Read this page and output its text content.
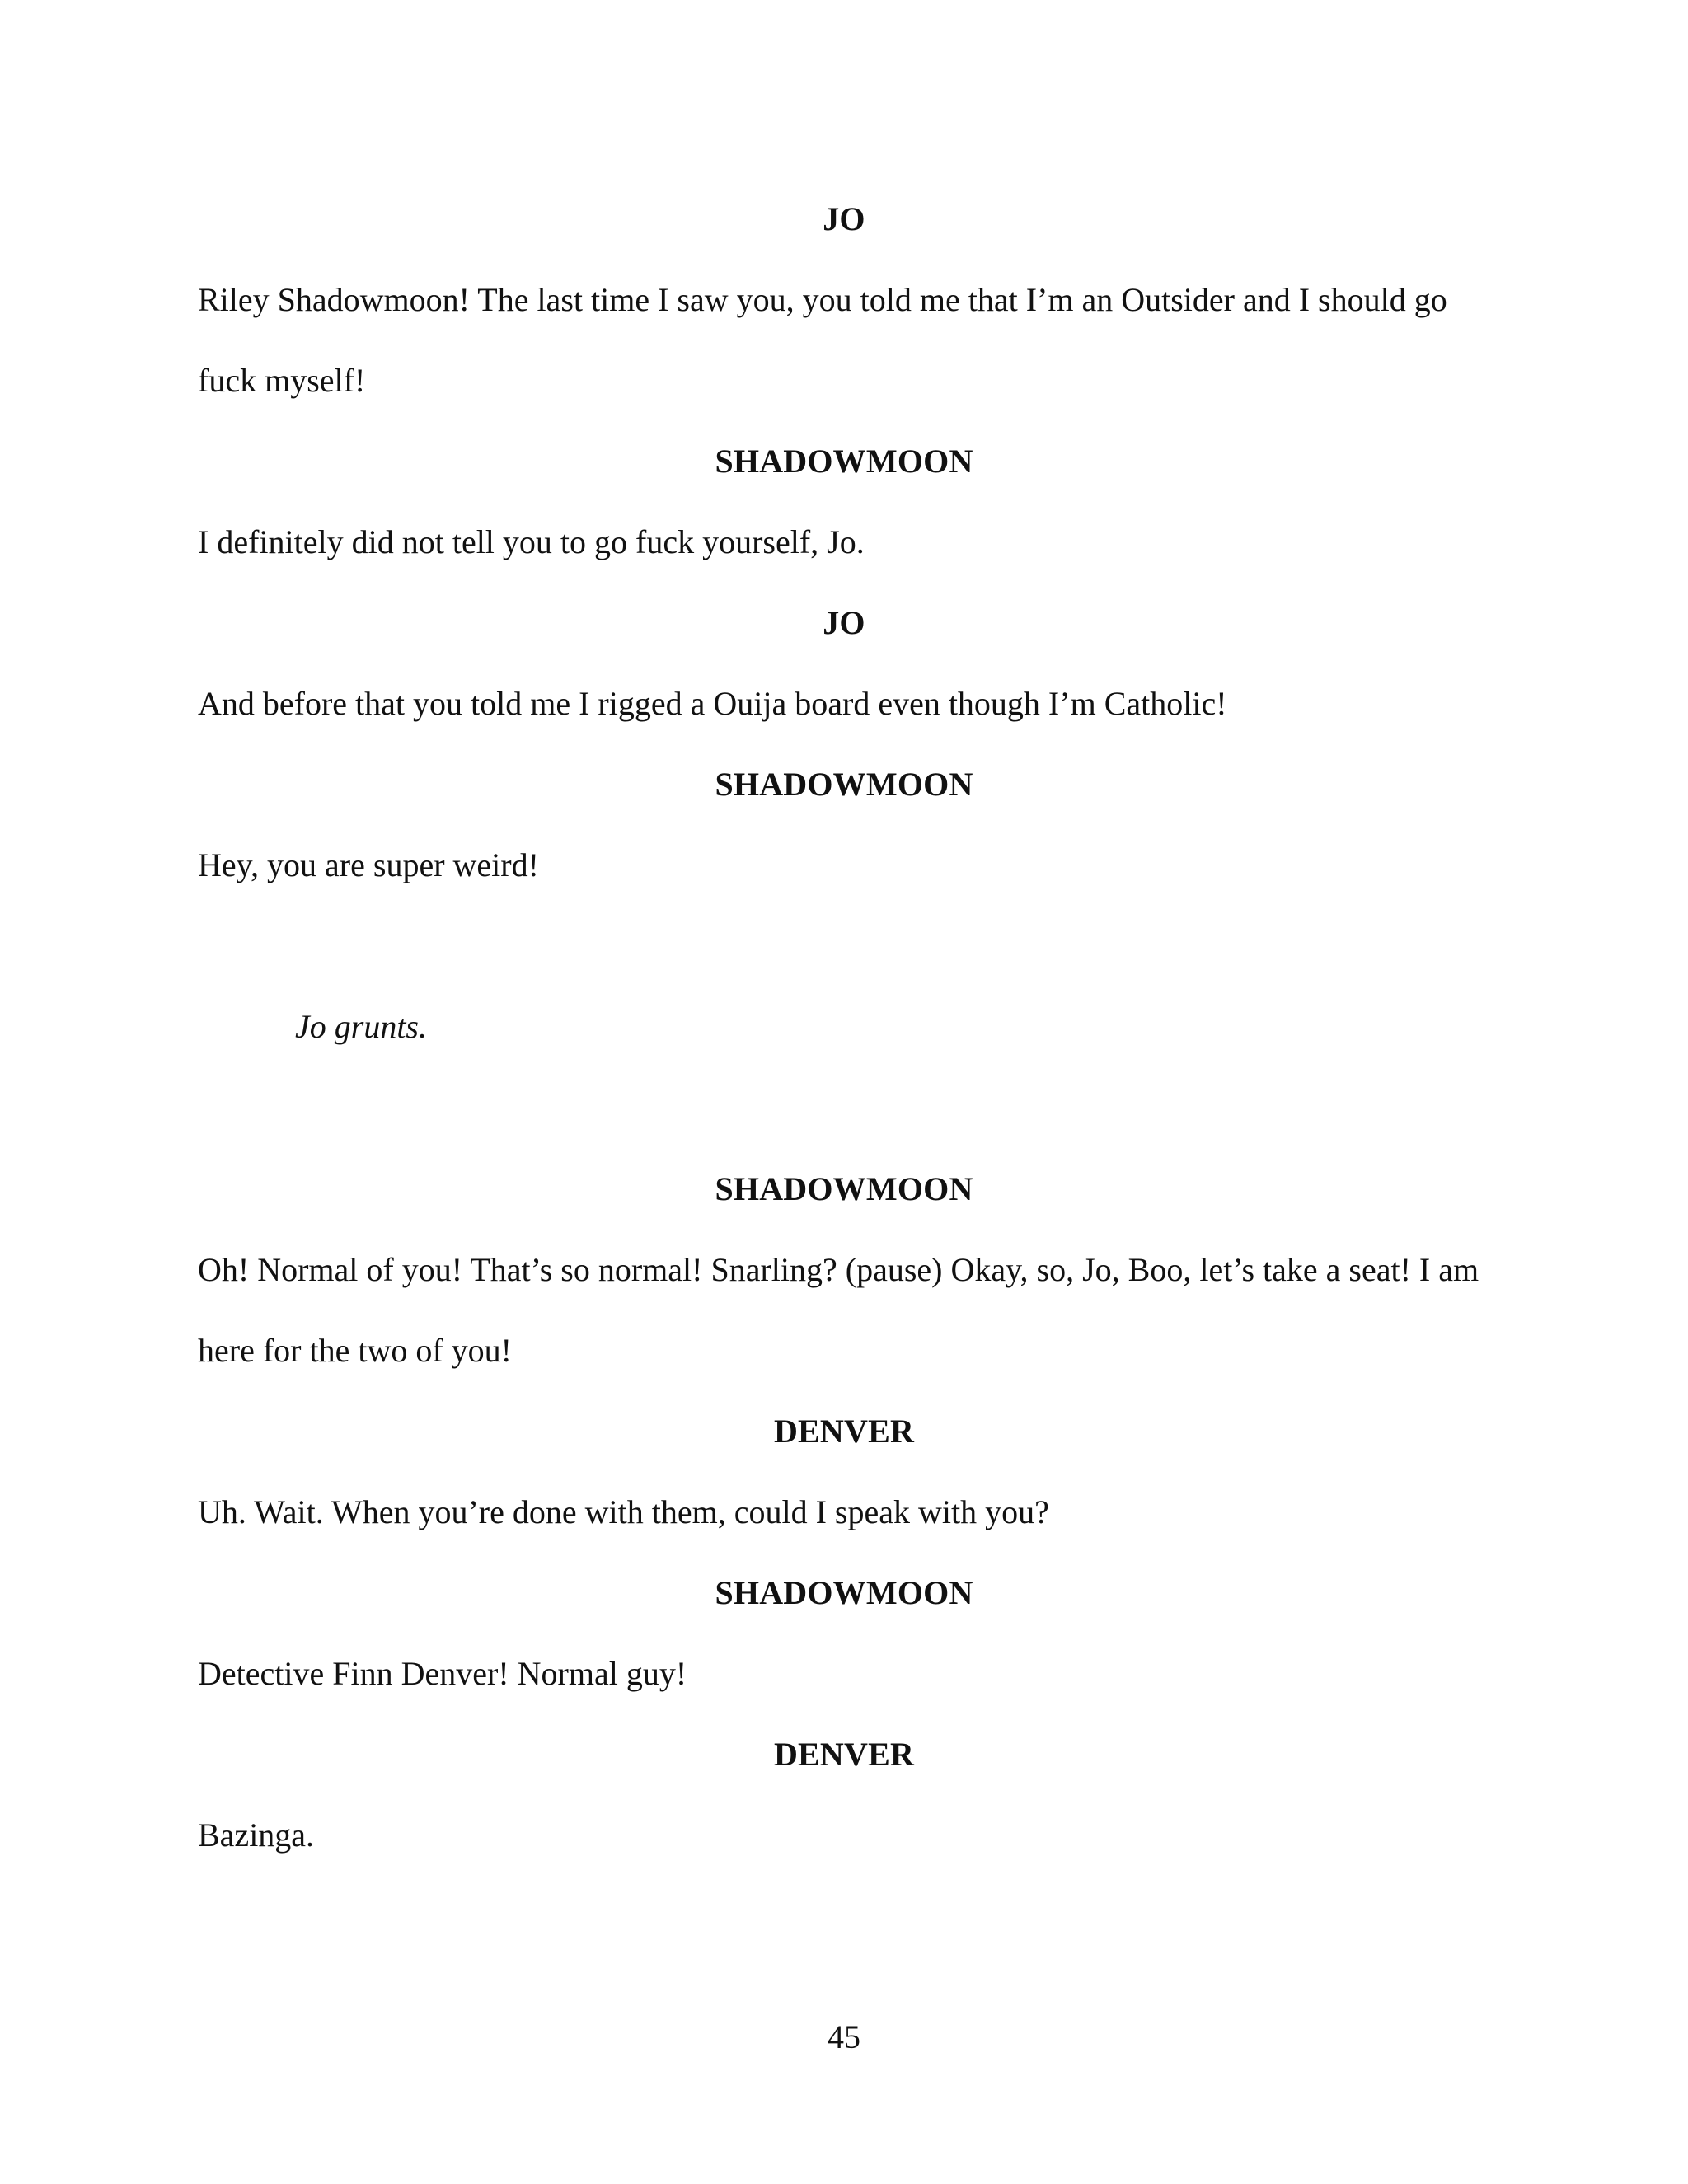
JO
Riley Shadowmoon! The last time I saw you, you told me that I’m an Outsider and I should go
fuck myself!
SHADOWMOON
I definitely did not tell you to go fuck yourself, Jo.
JO
And before that you told me I rigged a Ouija board even though I’m Catholic!
SHADOWMOON
Hey, you are super weird!
Jo grunts.
SHADOWMOON
Oh! Normal of you! That’s so normal! Snarling? (pause) Okay, so, Jo, Boo, let’s take a seat! I am
here for the two of you!
DENVER
Uh. Wait. When you’re done with them, could I speak with you?
SHADOWMOON
Detective Finn Denver! Normal guy!
DENVER
Bazinga.
45
